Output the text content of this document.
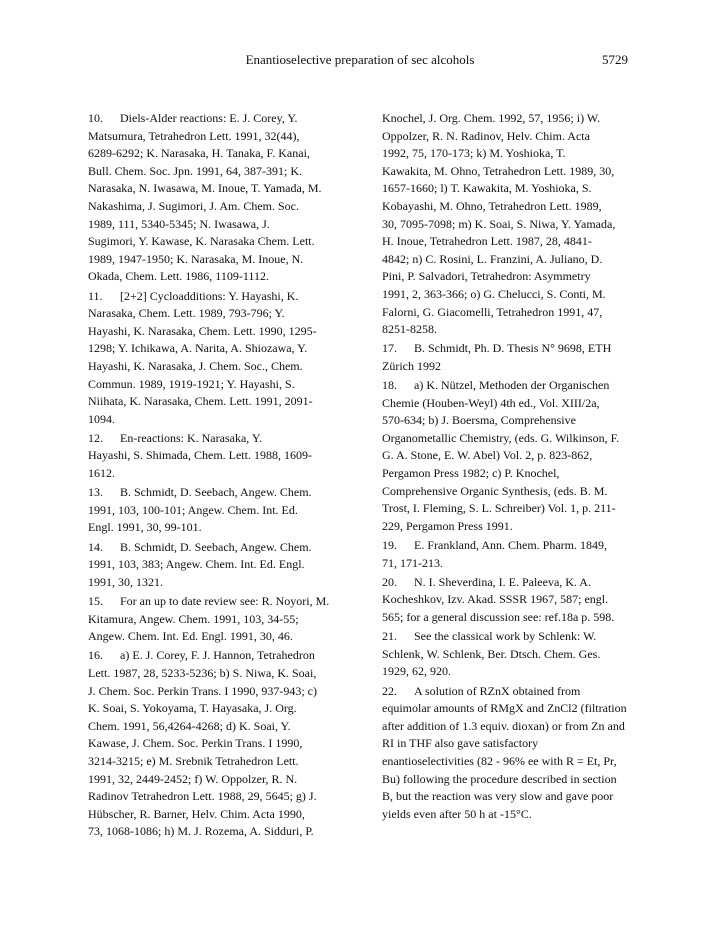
Enantioselective preparation of sec alcohols	5729
10. Diels-Alder reactions: E. J. Corey, Y.
Matsumura, Tetrahedron Lett. 1991, 32(44),
6289-6292; K. Narasaka, H. Tanaka, F. Kanai,
Bull. Chem. Soc. Jpn. 1991, 64, 387-391; K.
Narasaka, N. Iwasawa, M. Inoue, T. Yamada, M.
Nakashima, J. Sugimori, J. Am. Chem. Soc.
1989, 111, 5340-5345; N. Iwasawa, J.
Sugimori, Y. Kawase, K. Narasaka Chem. Lett.
1989, 1947-1950; K. Narasaka, M. Inoue, N.
Okada, Chem. Lett. 1986, 1109-1112.
11. [2+2] Cycloadditions: Y. Hayashi, K.
Narasaka, Chem. Lett. 1989, 793-796; Y.
Hayashi, K. Narasaka, Chem. Lett. 1990, 1295-
1298; Y. Ichikawa, A. Narita, A. Shiozawa, Y.
Hayashi, K. Narasaka, J. Chem. Soc., Chem.
Commun. 1989, 1919-1921; Y. Hayashi, S.
Niihata, K. Narasaka, Chem. Lett. 1991, 2091-
1094.
12. En-reactions: K. Narasaka, Y.
Hayashi, S. Shimada, Chem. Lett. 1988, 1609-
1612.
13. B. Schmidt, D. Seebach, Angew. Chem.
1991, 103, 100-101; Angew. Chem. Int. Ed.
Engl. 1991, 30, 99-101.
14. B. Schmidt, D. Seebach, Angew. Chem.
1991, 103, 383; Angew. Chem. Int. Ed. Engl.
1991, 30, 1321.
15. For an up to date review see: R. Noyori, M.
Kitamura, Angew. Chem. 1991, 103, 34-55;
Angew. Chem. Int. Ed. Engl. 1991, 30, 46.
16. a) E. J. Corey, F. J. Hannon, Tetrahedron
Lett. 1987, 28, 5233-5236; b) S. Niwa, K. Soai,
J. Chem. Soc. Perkin Trans. I 1990, 937-943; c)
K. Soai, S. Yokoyama, T. Hayasaka, J. Org.
Chem. 1991, 56,4264-4268; d) K. Soai, Y.
Kawase, J. Chem. Soc. Perkin Trans. I 1990,
3214-3215; e) M. Srebnik Tetrahedron Lett.
1991, 32, 2449-2452; f) W. Oppolzer, R. N.
Radinov Tetrahedron Lett. 1988, 29, 5645; g) J.
Hübscher, R. Barner, Helv. Chim. Acta 1990,
73, 1068-1086; h) M. J. Rozema, A. Sidduri, P.
Knochel, J. Org. Chem. 1992, 57, 1956; i) W.
Oppolzer, R. N. Radinov, Helv. Chim. Acta
1992, 75, 170-173; k) M. Yoshioka, T.
Kawakita, M. Ohno, Tetrahedron Lett. 1989, 30,
1657-1660; l) T. Kawakita, M. Yoshioka, S.
Kobayashi, M. Ohno, Tetrahedron Lett. 1989,
30, 7095-7098; m) K. Soai, S. Niwa, Y. Yamada,
H. Inoue, Tetrahedron Lett. 1987, 28, 4841-
4842; n) C. Rosini, L. Franzini, A. Juliano, D.
Pini, P. Salvadori, Tetrahedron: Asymmetry
1991, 2, 363-366; o) G. Chelucci, S. Conti, M.
Falorni, G. Giacomelli, Tetrahedron 1991, 47,
8251-8258.
17. B. Schmidt, Ph. D. Thesis N° 9698, ETH
Zürich 1992
18. a) K. Nützel, Methoden der Organischen
Chemie (Houben-Weyl) 4th ed., Vol. XIII/2a,
570-634; b) J. Boersma, Comprehensive
Organometallic Chemistry, (eds. G. Wilkinson, F.
G. A. Stone, E. W. Abel) Vol. 2, p. 823-862,
Pergamon Press 1982; c) P. Knochel,
Comprehensive Organic Synthesis, (eds. B. M.
Trost, I. Fleming, S. L. Schreiber) Vol. 1, p. 211-
229, Pergamon Press 1991.
19. E. Frankland, Ann. Chem. Pharm. 1849,
71, 171-213.
20. N. I. Sheverdina, I. E. Paleeva, K. A.
Kocheshkov, Izv. Akad. SSSR 1967, 587; engl.
565; for a general discussion see: ref.18a p. 598.
21. See the classical work by Schlenk: W.
Schlenk, W. Schlenk, Ber. Dtsch. Chem. Ges.
1929, 62, 920.
22. A solution of RZnX obtained from
equimolar amounts of RMgX and ZnCl2 (filtration
after addition of 1.3 equiv. dioxan) or from Zn and
RI in THF also gave satisfactory
enantioselectivities (82 - 96% ee with R = Et, Pr,
Bu) following the procedure described in section
B, but the reaction was very slow and gave poor
yields even after 50 h at -15°C.
